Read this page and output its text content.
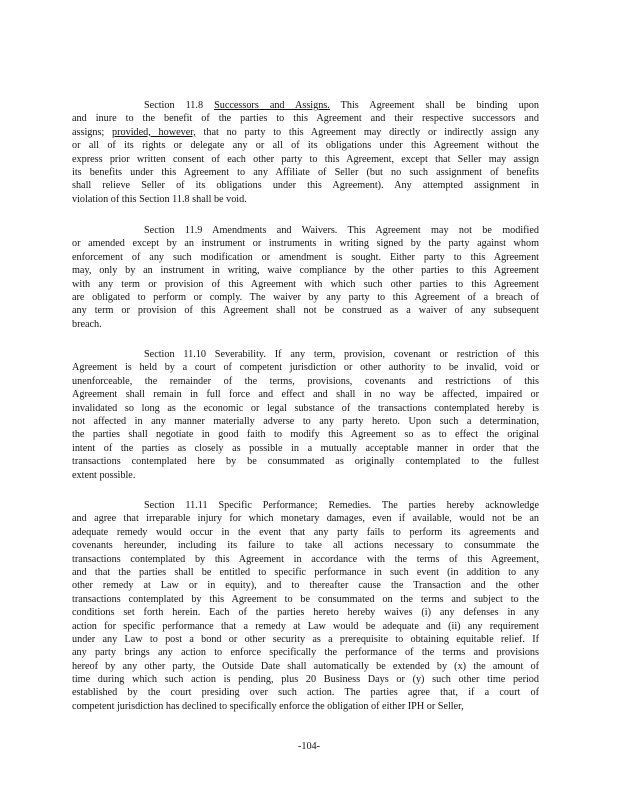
Section 11.8 Successors and Assigns. This Agreement shall be binding upon
and inure to the benefit of the parties to this Agreement and their respective successors and
assigns; provided, however, that no party to this Agreement may directly or indirectly assign any
or all of its rights or delegate any or all of its obligations under this Agreement without the
express prior written consent of each other party to this Agreement, except that Seller may assign
its benefits under this Agreement to any Affiliate of Seller (but no such assignment of benefits
shall relieve Seller of its obligations under this Agreement). Any attempted assignment in
violation of this Section 11.8 shall be void.
Section 11.9 Amendments and Waivers. This Agreement may not be modified
or amended except by an instrument or instruments in writing signed by the party against whom
enforcement of any such modification or amendment is sought. Either party to this Agreement
may, only by an instrument in writing, waive compliance by the other parties to this Agreement
with any term or provision of this Agreement with which such other parties to this Agreement
are obligated to perform or comply. The waiver by any party to this Agreement of a breach of
any term or provision of this Agreement shall not be construed as a waiver of any subsequent
breach.
Section 11.10 Severability. If any term, provision, covenant or restriction of this
Agreement is held by a court of competent jurisdiction or other authority to be invalid, void or
unenforceable, the remainder of the terms, provisions, covenants and restrictions of this
Agreement shall remain in full force and effect and shall in no way be affected, impaired or
invalidated so long as the economic or legal substance of the transactions contemplated hereby is
not affected in any manner materially adverse to any party hereto. Upon such a determination,
the parties shall negotiate in good faith to modify this Agreement so as to effect the original
intent of the parties as closely as possible in a mutually acceptable manner in order that the
transactions contemplated here by be consummated as originally contemplated to the fullest
extent possible.
Section 11.11 Specific Performance; Remedies. The parties hereby acknowledge
and agree that irreparable injury for which monetary damages, even if available, would not be an
adequate remedy would occur in the event that any party fails to perform its agreements and
covenants hereunder, including its failure to take all actions necessary to consummate the
transactions contemplated by this Agreement in accordance with the terms of this Agreement,
and that the parties shall be entitled to specific performance in such event (in addition to any
other remedy at Law or in equity), and to thereafter cause the Transaction and the other
transactions contemplated by this Agreement to be consummated on the terms and subject to the
conditions set forth herein. Each of the parties hereto hereby waives (i) any defenses in any
action for specific performance that a remedy at Law would be adequate and (ii) any requirement
under any Law to post a bond or other security as a prerequisite to obtaining equitable relief. If
any party brings any action to enforce specifically the performance of the terms and provisions
hereof by any other party, the Outside Date shall automatically be extended by (x) the amount of
time during which such action is pending, plus 20 Business Days or (y) such other time period
established by the court presiding over such action. The parties agree that, if a court of
competent jurisdiction has declined to specifically enforce the obligation of either IPH or Seller,
-104-
